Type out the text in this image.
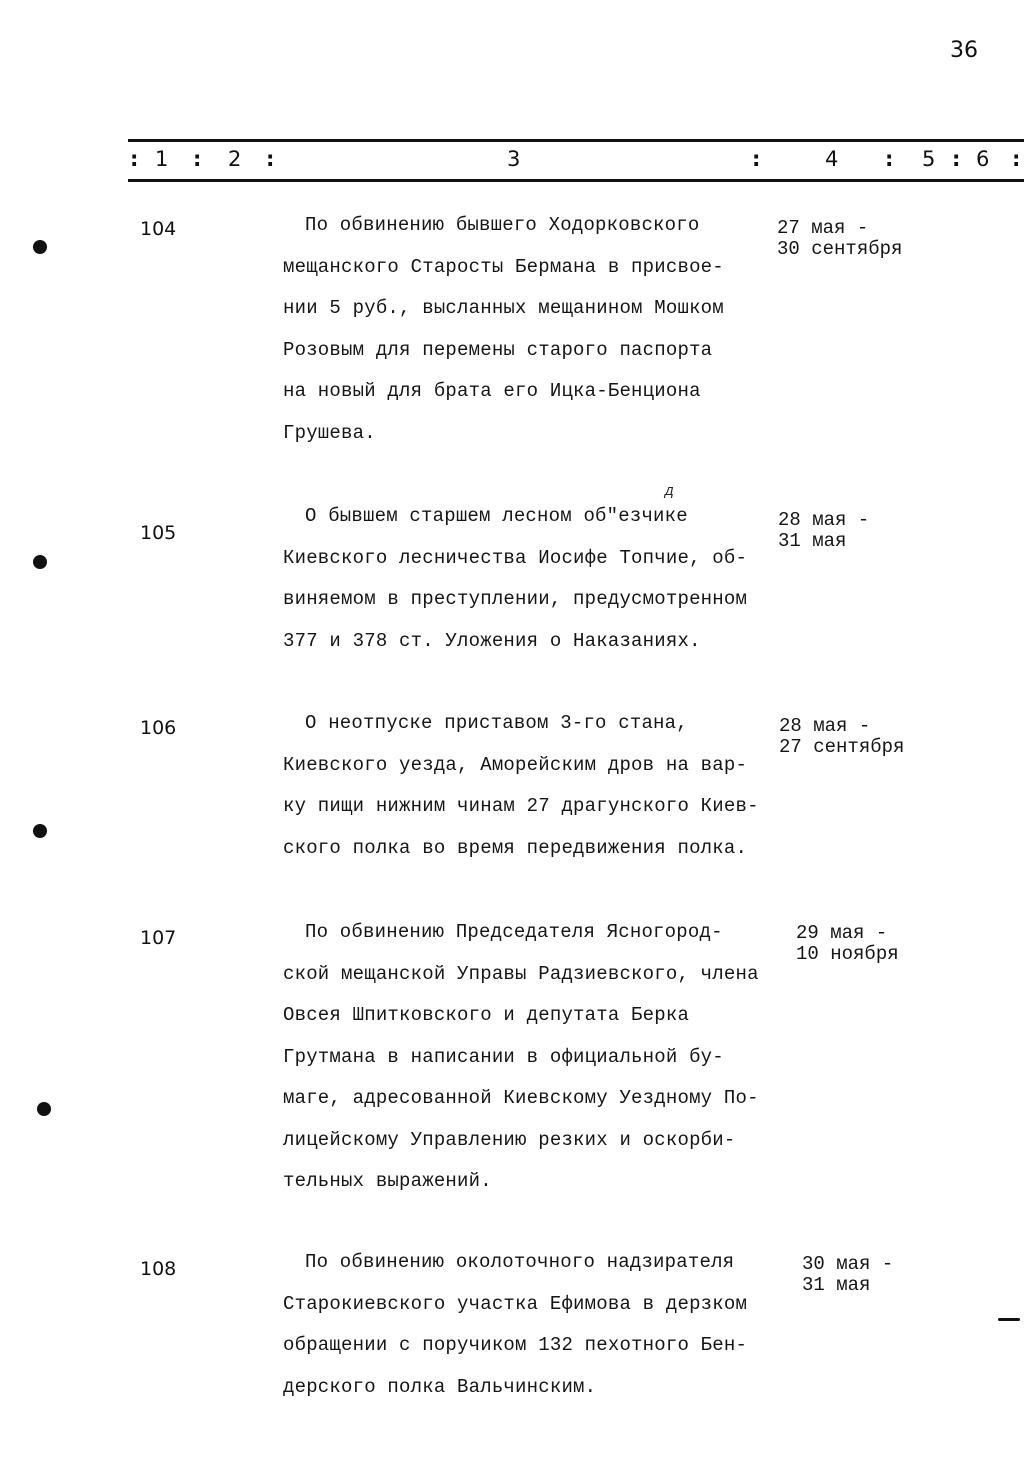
36
: 1 : 2 :	3	:	4 : 5 : 6 :
104	По обвинению бывшего Ходорковского
мещанского Старосты Бермана в присвое-
нии 5 руб., высланных мещанином Мошком
Розовым для перемены старого паспорта
на новый для брата его Ицка-Бенциона
Грушева.
27 мая -
30 сентября
105
д
О бывшем старшем лесном об"езчике
Киевского лесничества Иосифе Топчие, об-
виняемом в преступлении, предусмотренном
377 и 378 ст. Уложения о Наказаниях.
28 мая -
31 мая
106	О неотпуске приставом 3-го стана,
Киевского уезда, Аморейским дров на вар-
ку пищи нижним чинам 27 драгунского Киев-
ского полка во время передвижения полка.
28 мая -
27 сентября
107	По обвинению Председателя Ясногород-
ской мещанской Управы Радзиевского, члена
Овсея Шпитковского и депутата Берка
Грутмана в написании в официальной бу-
маге, адресованной Киевскому Уездному По-
лицейскому Управлению резких и оскорби-
тельных выражений.
29 мая -
10 ноября
108	По обвинению околоточного надзирателя
Старокиевского участка Ефимова в дерзком
обращении с поручиком 132 пехотного Бен-
дерского полка Вальчинским.
30 мая -
31 мая
